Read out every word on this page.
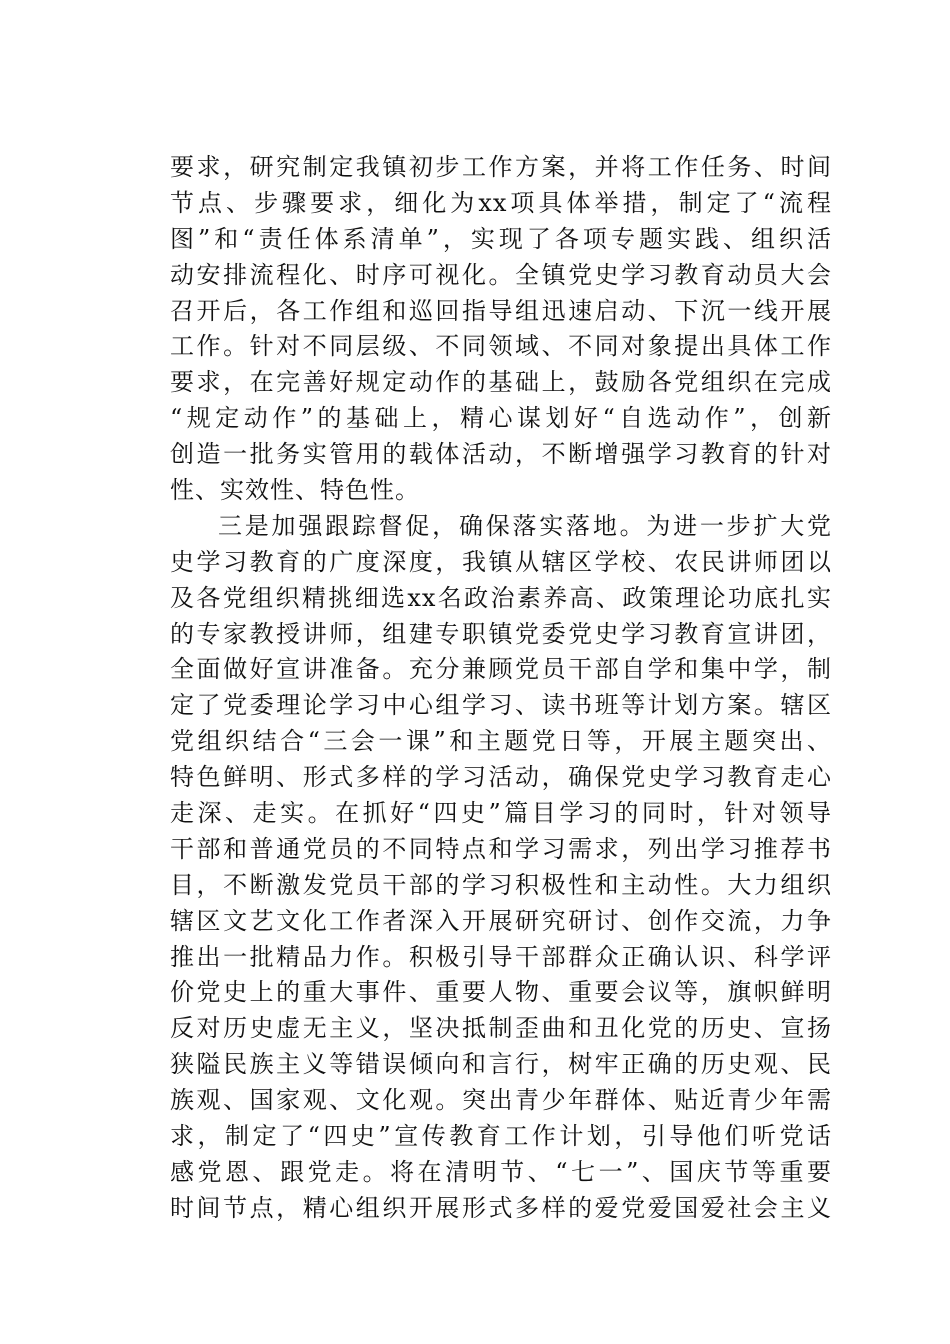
要求，研究制定我镇初步工作方案，并将工作任务、时间
节点、步骤要求，细化为xx项具体举措，制定了“流程
图”和“责任体系清单”，实现了各项专题实践、组织活
动安排流程化、时序可视化。全镇党史学习教育动员大会
召开后，各工作组和巡回指导组迅速启动、下沉一线开展
工作。针对不同层级、不同领域、不同对象提出具体工作
要求，在完善好规定动作的基础上，鼓励各党组织在完成
“规定动作”的基础上，精心谋划好“自选动作”，创新
创造一批务实管用的载体活动，不断增强学习教育的针对
性、实效性、特色性。
三是加强跟踪督促，确保落实落地。为进一步扩大党
史学习教育的广度深度，我镇从辖区学校、农民讲师团以
及各党组织精挑细选xx名政治素养高、政策理论功底扎实
的专家教授讲师，组建专职镇党委党史学习教育宣讲团，
全面做好宣讲准备。充分兼顾党员干部自学和集中学，制
定了党委理论学习中心组学习、读书班等计划方案。辖区
党组织结合“三会一课”和主题党日等，开展主题突出、
特色鲜明、形式多样的学习活动，确保党史学习教育走心
走深、走实。在抓好“四史”篇目学习的同时，针对领导
干部和普通党员的不同特点和学习需求，列出学习推荐书
目，不断激发党员干部的学习积极性和主动性。大力组织
辖区文艺文化工作者深入开展研究研讨、创作交流，力争
推出一批精品力作。积极引导干部群众正确认识、科学评
价党史上的重大事件、重要人物、重要会议等，旗帜鲜明
反对历史虚无主义，坚决抵制歪曲和丑化党的历史、宣扬
狭隘民族主义等错误倾向和言行，树牢正确的历史观、民
族观、国家观、文化观。突出青少年群体、贴近青少年需
求，制定了“四史”宣传教育工作计划，引导他们听党话
感党恩、跟党走。将在清明节、“七一”、国庆节等重要
时间节点，精心组织开展形式多样的爱党爱国爱社会主义
